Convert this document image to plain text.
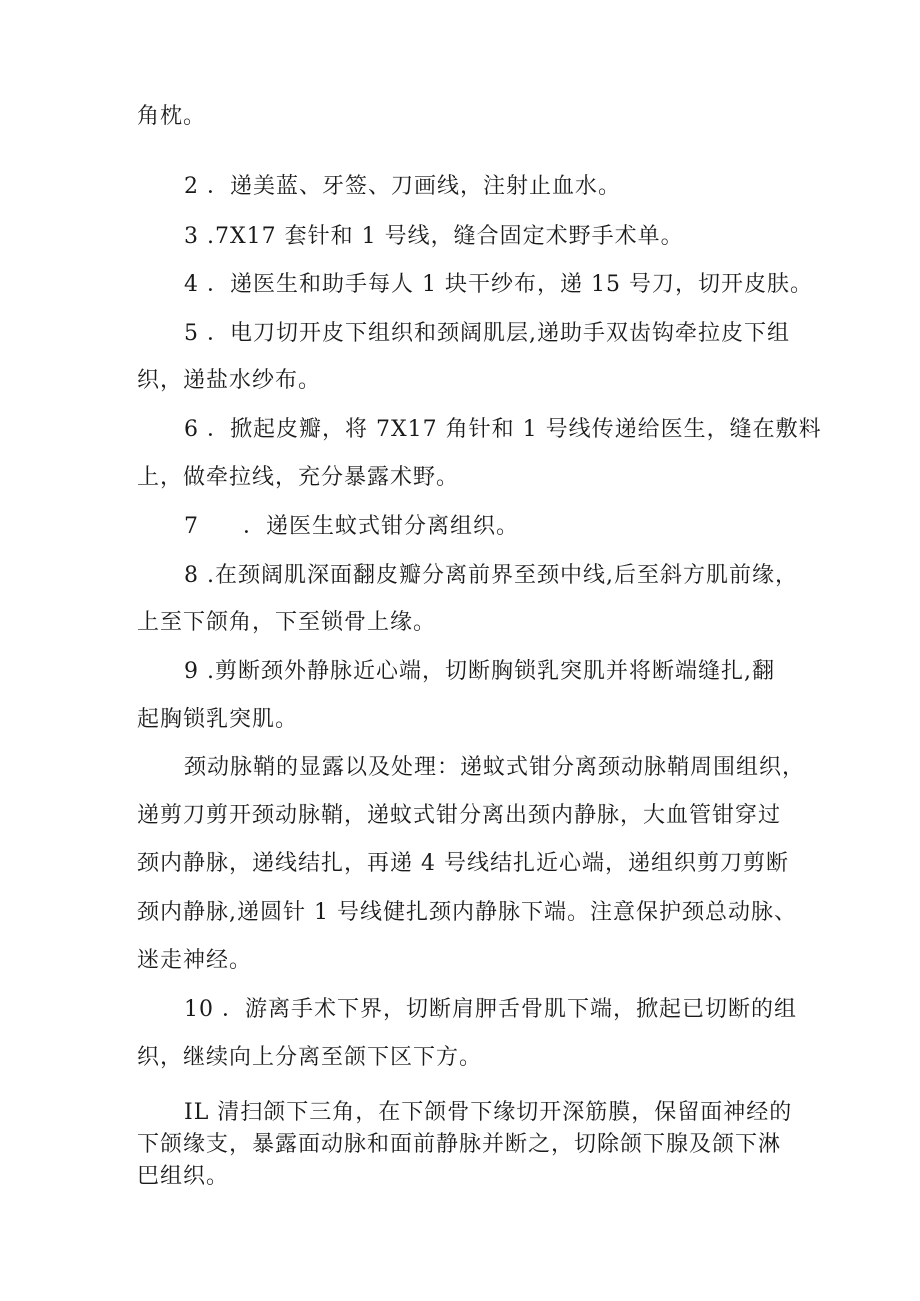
角枕。
2 ．递美蓝、牙签、刀画线，注射止血水。
3 .7X17 套针和 1 号线，缝合固定术野手术单。
4 ．递医生和助手每人 1 块干纱布，递 15 号刀，切开皮肤。
5 ．电刀切开皮下组织和颈阔肌层,递助手双齿钩牵拉皮下组
织，递盐水纱布。
6 ．掀起皮瓣，将 7X17 角针和 1 号线传递给医生，缝在敷料
上，做牵拉线，充分暴露术野。
7 ．递医生蚊式钳分离组织。
8 .在颈阔肌深面翻皮瓣分离前界至颈中线,后至斜方肌前缘，
上至下颌角，下至锁骨上缘。
9 .剪断颈外静脉近心端，切断胸锁乳突肌并将断端缝扎,翻
起胸锁乳突肌。
颈动脉鞘的显露以及处理：递蚊式钳分离颈动脉鞘周围组织，
递剪刀剪开颈动脉鞘，递蚊式钳分离出颈内静脉，大血管钳穿过
颈内静脉，递线结扎，再递 4 号线结扎近心端，递组织剪刀剪断
颈内静脉,递圆针 1 号线健扎颈内静脉下端。注意保护颈总动脉、
迷走神经。
10 ．游离手术下界，切断肩胛舌骨肌下端，掀起已切断的组
织，继续向上分离至颌下区下方。
IL 清扫颌下三角，在下颌骨下缘切开深筋膜，保留面神经的
下颌缘支，暴露面动脉和面前静脉并断之，切除颌下腺及颌下淋
巴组织。
